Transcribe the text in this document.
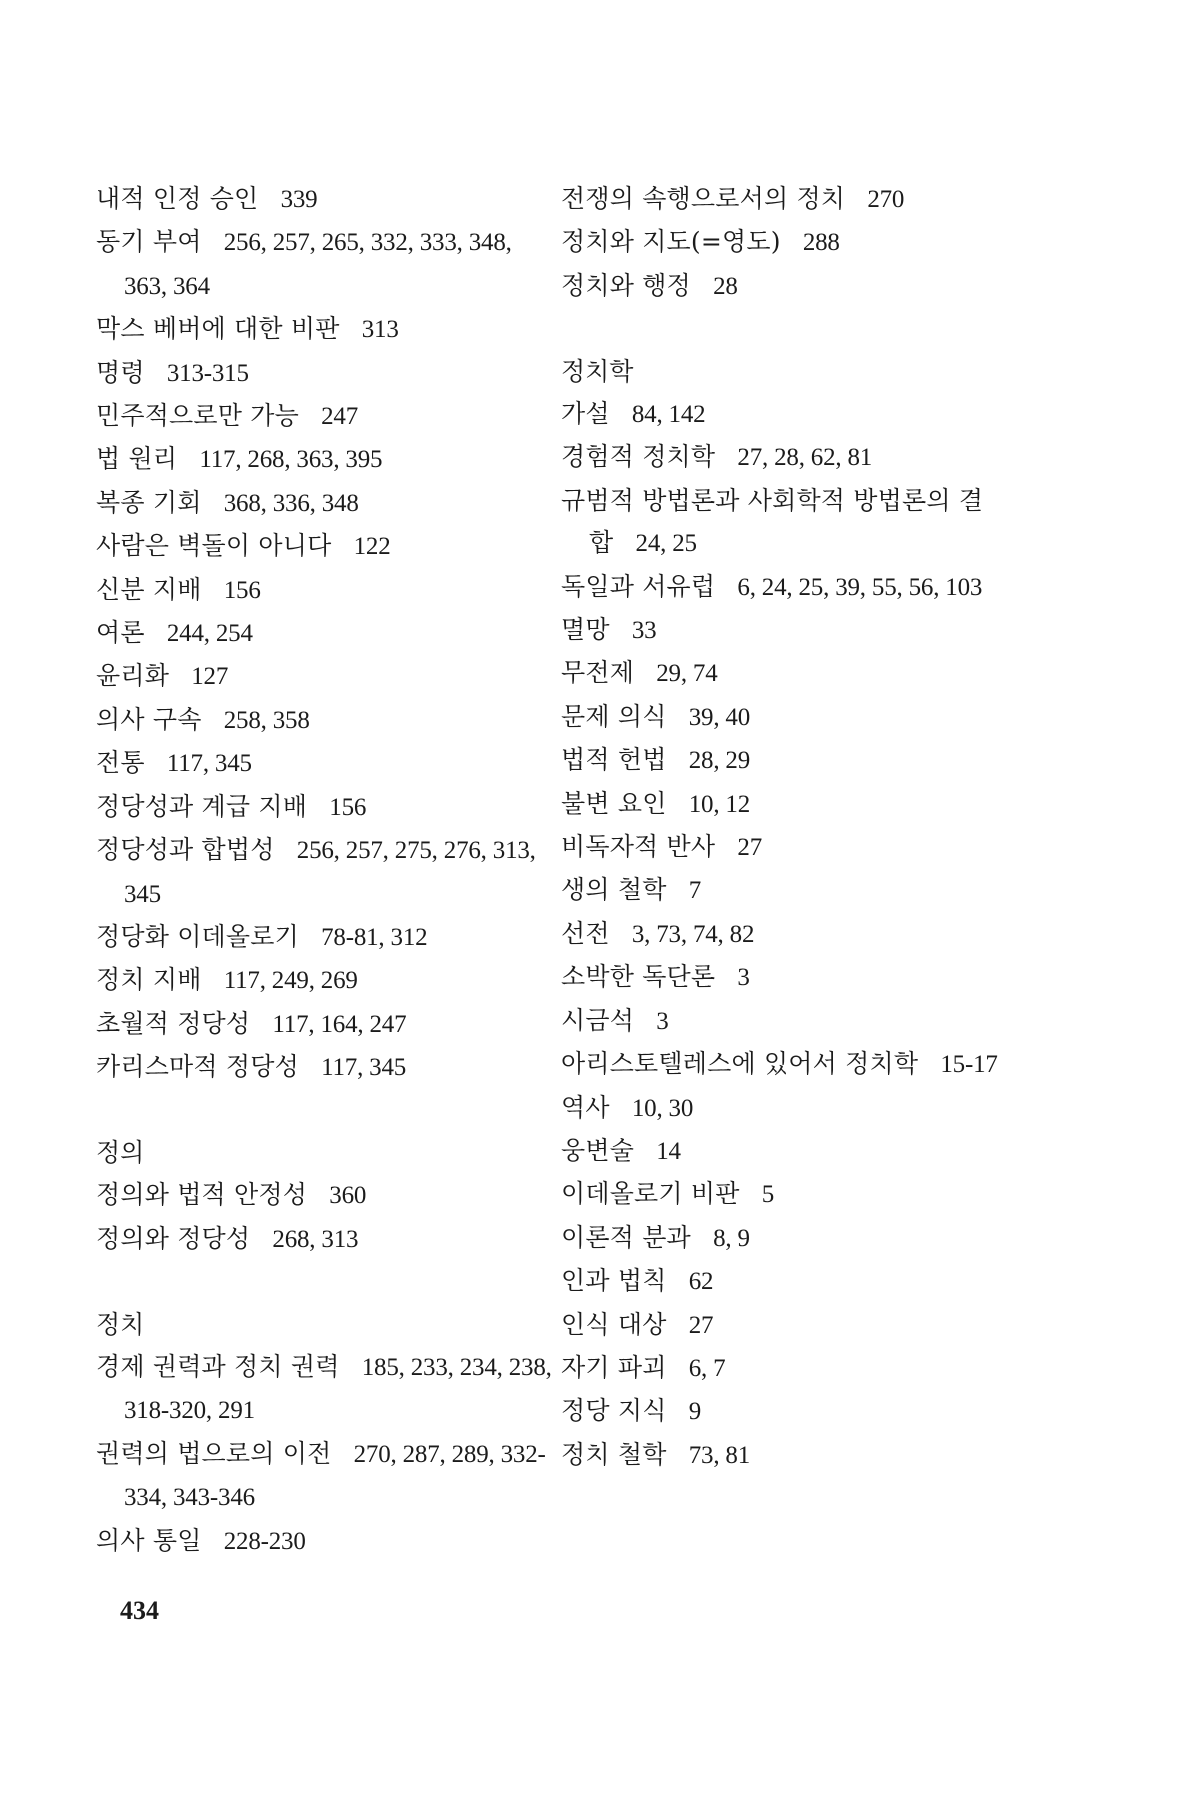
내적 인정 승인 339
동기 부여 256, 257, 265, 332, 333, 348, 363, 364
막스 베버에 대한 비판 313
명령 313-315
민주적으로만 가능 247
법 원리 117, 268, 363, 395
복종 기회 368, 336, 348
사람은 벽돌이 아니다 122
신분 지배 156
여론 244, 254
윤리화 127
의사 구속 258, 358
전통 117, 345
정당성과 계급 지배 156
정당성과 합법성 256, 257, 275, 276, 313, 345
정당화 이데올로기 78-81, 312
정치 지배 117, 249, 269
초월적 정당성 117, 164, 247
카리스마적 정당성 117, 345
정의
정의와 법적 안정성 360
정의와 정당성 268, 313
정치
경제 권력과 정치 권력 185, 233, 234, 238, 318-320, 291
권력의 법으로의 이전 270, 287, 289, 332-334, 343-346
의사 통일 228-230
전쟁의 속행으로서의 정치 270
정치와 지도(=영도) 288
정치와 행정 28
정치학
가설 84, 142
경험적 정치학 27, 28, 62, 81
규범적 방법론과 사회학적 방법론의 결합 24, 25
독일과 서유럽 6, 24, 25, 39, 55, 56, 103
멸망 33
무전제 29, 74
문제 의식 39, 40
법적 헌법 28, 29
불변 요인 10, 12
비독자적 반사 27
생의 철학 7
선전 3, 73, 74, 82
소박한 독단론 3
시금석 3
아리스토텔레스에 있어서 정치학 15-17
역사 10, 30
웅변술 14
이데올로기 비판 5
이론적 분과 8, 9
인과 법칙 62
인식 대상 27
자기 파괴 6, 7
정당 지식 9
정치 철학 73, 81
434
